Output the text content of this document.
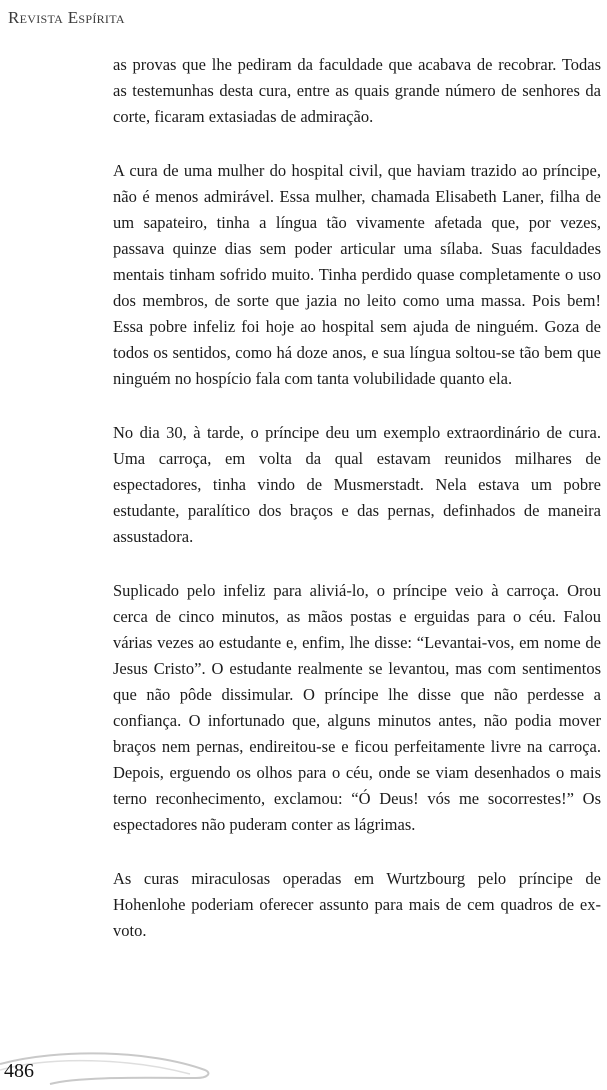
Revista Espírita

as provas que lhe pediram da faculdade que acabava de recobrar. Todas as testemunhas desta cura, entre as quais grande número de senhores da corte, ficaram extasiadas de admiração.

A cura de uma mulher do hospital civil, que haviam trazido ao príncipe, não é menos admirável. Essa mulher, chamada Elisabeth Laner, filha de um sapateiro, tinha a língua tão vivamente afetada que, por vezes, passava quinze dias sem poder articular uma sílaba. Suas faculdades mentais tinham sofrido muito. Tinha perdido quase completamente o uso dos membros, de sorte que jazia no leito como uma massa. Pois bem! Essa pobre infeliz foi hoje ao hospital sem ajuda de ninguém. Goza de todos os sentidos, como há doze anos, e sua língua soltou-se tão bem que ninguém no hospício fala com tanta volubilidade quanto ela.

No dia 30, à tarde, o príncipe deu um exemplo extraordinário de cura. Uma carroça, em volta da qual estavam reunidos milhares de espectadores, tinha vindo de Musmerstadt. Nela estava um pobre estudante, paralítico dos braços e das pernas, definhados de maneira assustadora.

Suplicado pelo infeliz para aliviá-lo, o príncipe veio à carroça. Orou cerca de cinco minutos, as mãos postas e erguidas para o céu. Falou várias vezes ao estudante e, enfim, lhe disse: “Levantai-vos, em nome de Jesus Cristo”. O estudante realmente se levantou, mas com sentimentos que não pôde dissimular. O príncipe lhe disse que não perdesse a confiança. O infortunado que, alguns minutos antes, não podia mover braços nem pernas, endireitou-se e ficou perfeitamente livre na carroça. Depois, erguendo os olhos para o céu, onde se viam desenhados o mais terno reconhecimento, exclamou: “Ó Deus! vós me socorrestes!” Os espectadores não puderam conter as lágrimas.

As curas miraculosas operadas em Wurtzbourg pelo príncipe de Hohenlohe poderiam oferecer assunto para mais de cem quadros de ex-voto.

486
